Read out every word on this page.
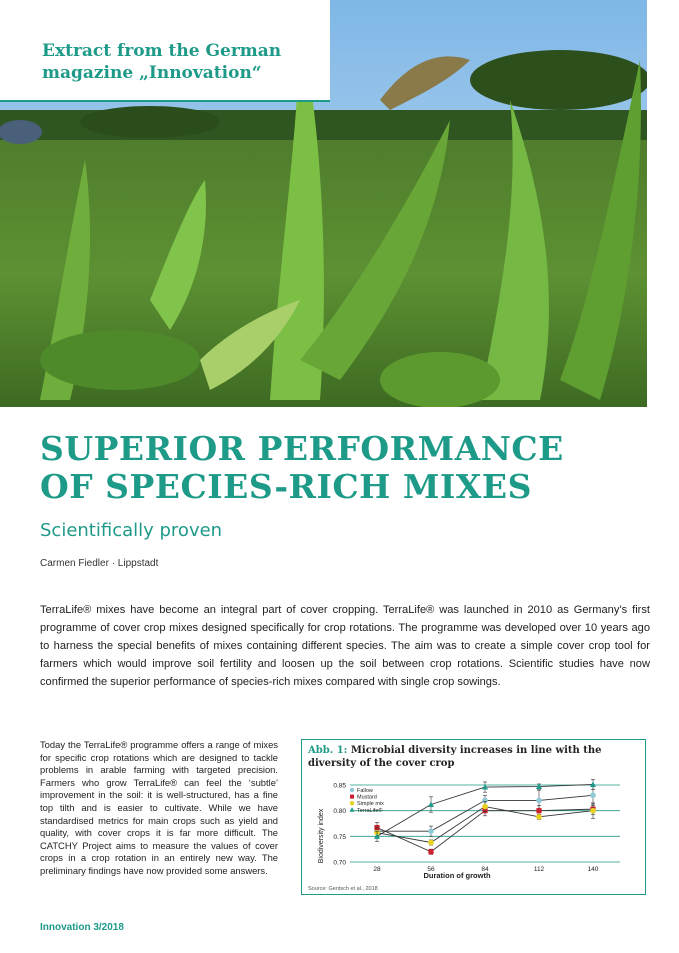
Extract from the German
magazine „Innovation“
SUPERIOR PERFORMANCE
OF SPECIES-RICH MIXES
Scientifically proven
Carmen Fiedler · Lippstadt
TerraLife® mixes have become an integral part of cover cropping. TerraLife® was launched in 2010 as Germany’s first programme of cover crop mixes designed specifically for crop rotations. The programme was developed over 10 years ago to harness the special benefits of mixes containing different species. The aim was to create a simple cover crop tool for farmers which would improve soil fertility and loosen up the soil between crop rotations. Scientific studies have now confirmed the superior performance of species-rich mixes compared with single crop sowings.
Today the TerraLife® programme offers a range of mixes for specific crop rotations which are designed to tackle problems in arable farming with targeted precision. Farmers who grow TerraLife® can feel the ‘subtle’ improvement in the soil: it is well-structured, has a fine top tilth and is easier to cultivate. While we have standardised metrics for main crops such as yield and quality, with cover crops it is far more difficult. The CATCHY Project aims to measure the values of cover crops in a crop rotation in an entirely new way. The preliminary findings have now provided some answers.
Abb. 1: Microbial diversity increases in line with the diversity of the cover crop
0.70
0.75
0.80
0.85
28	56	84	112	140
Fallow
Mustard
Simple mix
TerraLife®
Biodiversity index
Duration of growth
Source: Gentsch et al., 2018
Innovation 3/2018
